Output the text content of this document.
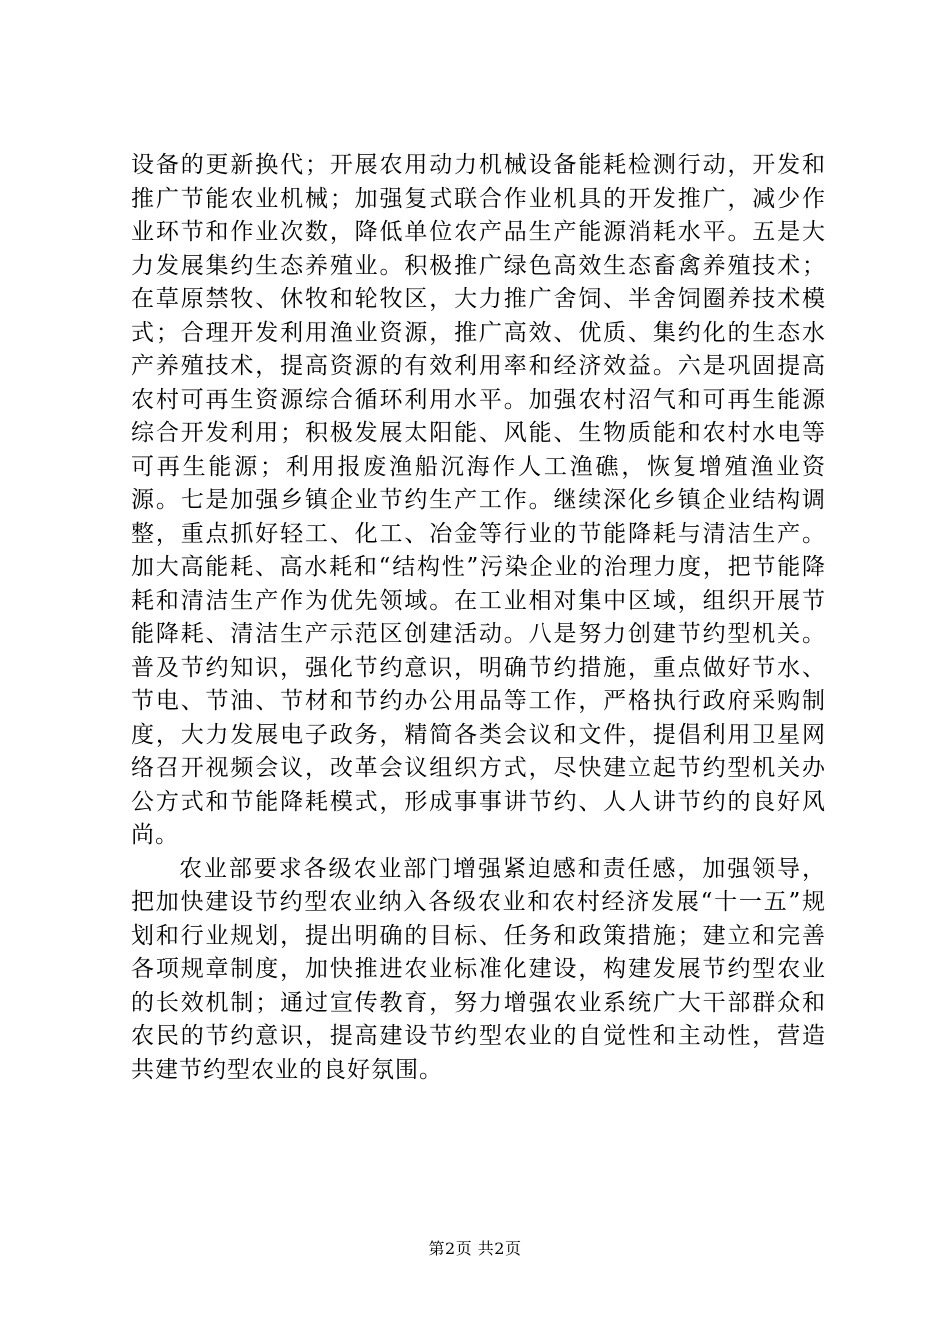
设备的更新换代；开展农用动力机械设备能耗检测行动，开发和推广节能农业机械；加强复式联合作业机具的开发推广，减少作业环节和作业次数，降低单位农产品生产能源消耗水平。五是大力发展集约生态养殖业。积极推广绿色高效生态畜禽养殖技术；在草原禁牧、休牧和轮牧区，大力推广舍饲、半舍饲圈养技术模式；合理开发利用渔业资源，推广高效、优质、集约化的生态水产养殖技术，提高资源的有效利用率和经济效益。六是巩固提高农村可再生资源综合循环利用水平。加强农村沼气和可再生能源综合开发利用；积极发展太阳能、风能、生物质能和农村水电等可再生能源；利用报废渔船沉海作人工渔礁，恢复增殖渔业资源。七是加强乡镇企业节约生产工作。继续深化乡镇企业结构调整，重点抓好轻工、化工、冶金等行业的节能降耗与清洁生产。加大高能耗、高水耗和“结构性”污染企业的治理力度，把节能降耗和清洁生产作为优先领域。在工业相对集中区域，组织开展节能降耗、清洁生产示范区创建活动。八是努力创建节约型机关。普及节约知识，强化节约意识，明确节约措施，重点做好节水、节电、节油、节材和节约办公用品等工作，严格执行政府采购制度，大力发展电子政务，精简各类会议和文件，提倡利用卫星网络召开视频会议，改革会议组织方式，尽快建立起节约型机关办公方式和节能降耗模式，形成事事讲节约、人人讲节约的良好风尚。

农业部要求各级农业部门增强紧迫感和责任感，加强领导，把加快建设节约型农业纳入各级农业和农村经济发展“十一五”规划和行业规划，提出明确的目标、任务和政策措施；建立和完善各项规章制度，加快推进农业标准化建设，构建发展节约型农业的长效机制；通过宣传教育，努力增强农业系统广大干部群众和农民的节约意识，提高建设节约型农业的自觉性和主动性，营造共建节约型农业的良好氛围。

第2页 共2页
